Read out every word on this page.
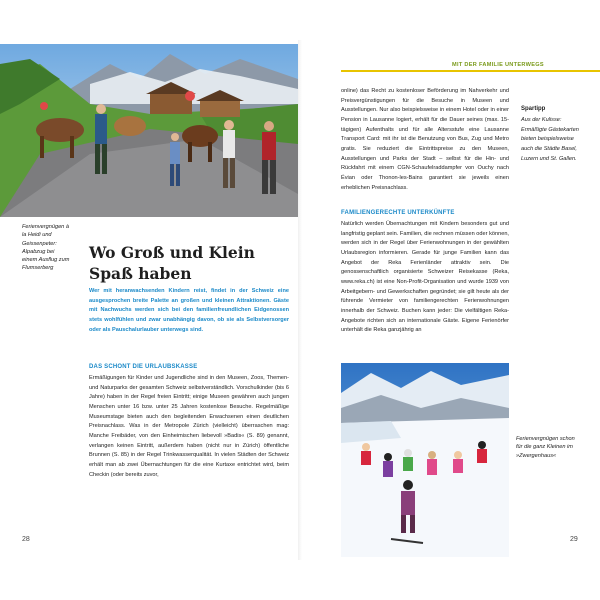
Ferienvergnügen à la Heidi und Geissenpeter: Alpabzug bei einem Ausflug zum Flumserberg
Wo Groß und Klein Spaß haben
Wer mit heranwachsenden Kindern reist, findet in der Schweiz eine ausgesprochen breite Palette an großen und kleinen Attraktionen. Gäste mit Nachwuchs werden sich bei den familienfreundlichen Eidgenossen stets wohlfühlen und zwar unabhängig davon, ob sie als Selbstversorger oder als Pauschalurlauber unterwegs sind.
DAS SCHONT DIE URLAUBSKASSE
Ermäßigungen für Kinder und Jugendliche sind in den Museen, Zoos, Themen- und Naturparks der gesamten Schweiz selbstverständlich. Vorschulkinder (bis 6 Jahre) haben in der Regel freien Eintritt; einige Museen gewähren auch jungen Menschen unter 16 bzw. unter 25 Jahren kostenlose Besuche. Regelmäßige Museumstage bieten auch den begleitenden Erwachsenen einen deutlichen Preisnachlass. Was in der Metropole Zürich (vielleicht) überraschen mag: Manche Freibäder, von den Einheimischen liebevoll »Badis« (S. 89) genannt, verlangen keinen Eintritt, außerdem haben (nicht nur in Zürich) öffentliche Brunnen (S. 85) in der Regel Trinkwasserqualität. In vielen Städten der Schweiz erhält man ab zwei Übernachtungen für die eine Kurtaxe entrichtet wird, beim Checkin (oder bereits zuvor,
28
MIT DER FAMILIE UNTERWEGS
online) das Recht zu kostenloser Beförderung im Nahverkehr und Preisvergünstigungen für die Besuche in Museen und Ausstellungen. Nur also beispielsweise in einem Hotel oder in einer Pension in Lausanne logiert, erhält für die Dauer seines (max. 15-tägigen) Aufenthalts und für alle Altersstufe eine Lausanne Transport Card: mit ihr ist die Benutzung von Bus, Zug und Metro gratis. Sie reduziert die Eintrittspreise zu den Museen, Ausstellungen und Parks der Stadt – selbst für die Hin- und Rückfahrt mit einem CGN-Schaufelraddampfer von Ouchy nach Évian oder Thonon-les-Bains garantiert sie jeweils einen erheblichen Preisnachlass.
FAMILIENGERECHTE UNTERKÜNFTE
Natürlich werden Übernachtungen mit Kindern besonders gut und langfristig geplant sein. Familien, die rechnen müssen oder können, werden sich in der Regel über Ferienwohnungen in der gewählten Urlaubsregion informieren. Gerade für junge Familien kann das Angebot der Reka Ferienländer attraktiv sein. Die genossenschaftlich organisierte Schweizer Reisekasse (Reka, www.reka.ch) ist eine Non-Profit-Organisation und wurde 1939 von Arbeitgebern- und Gewerkschaften gegründet; sie gilt heute als der führende Vermieter von familiengerechten Ferienwohnungen innerhalb der Schweiz. Buchen kann jeder: Die vielfältigen Reka-Angebote richten sich an internationale Gäste. Eigene Ferienörfer unterhält die Reka ganzjährig an
Spartipp
Aus der Kulisse: Ermäßigte Gästekarten bieten beispielsweise auch die Städte Basel, Luzern und St. Gallen.
Ferienvergnügen schon für die ganz Kleinen im »Zwergenhaus«
29
